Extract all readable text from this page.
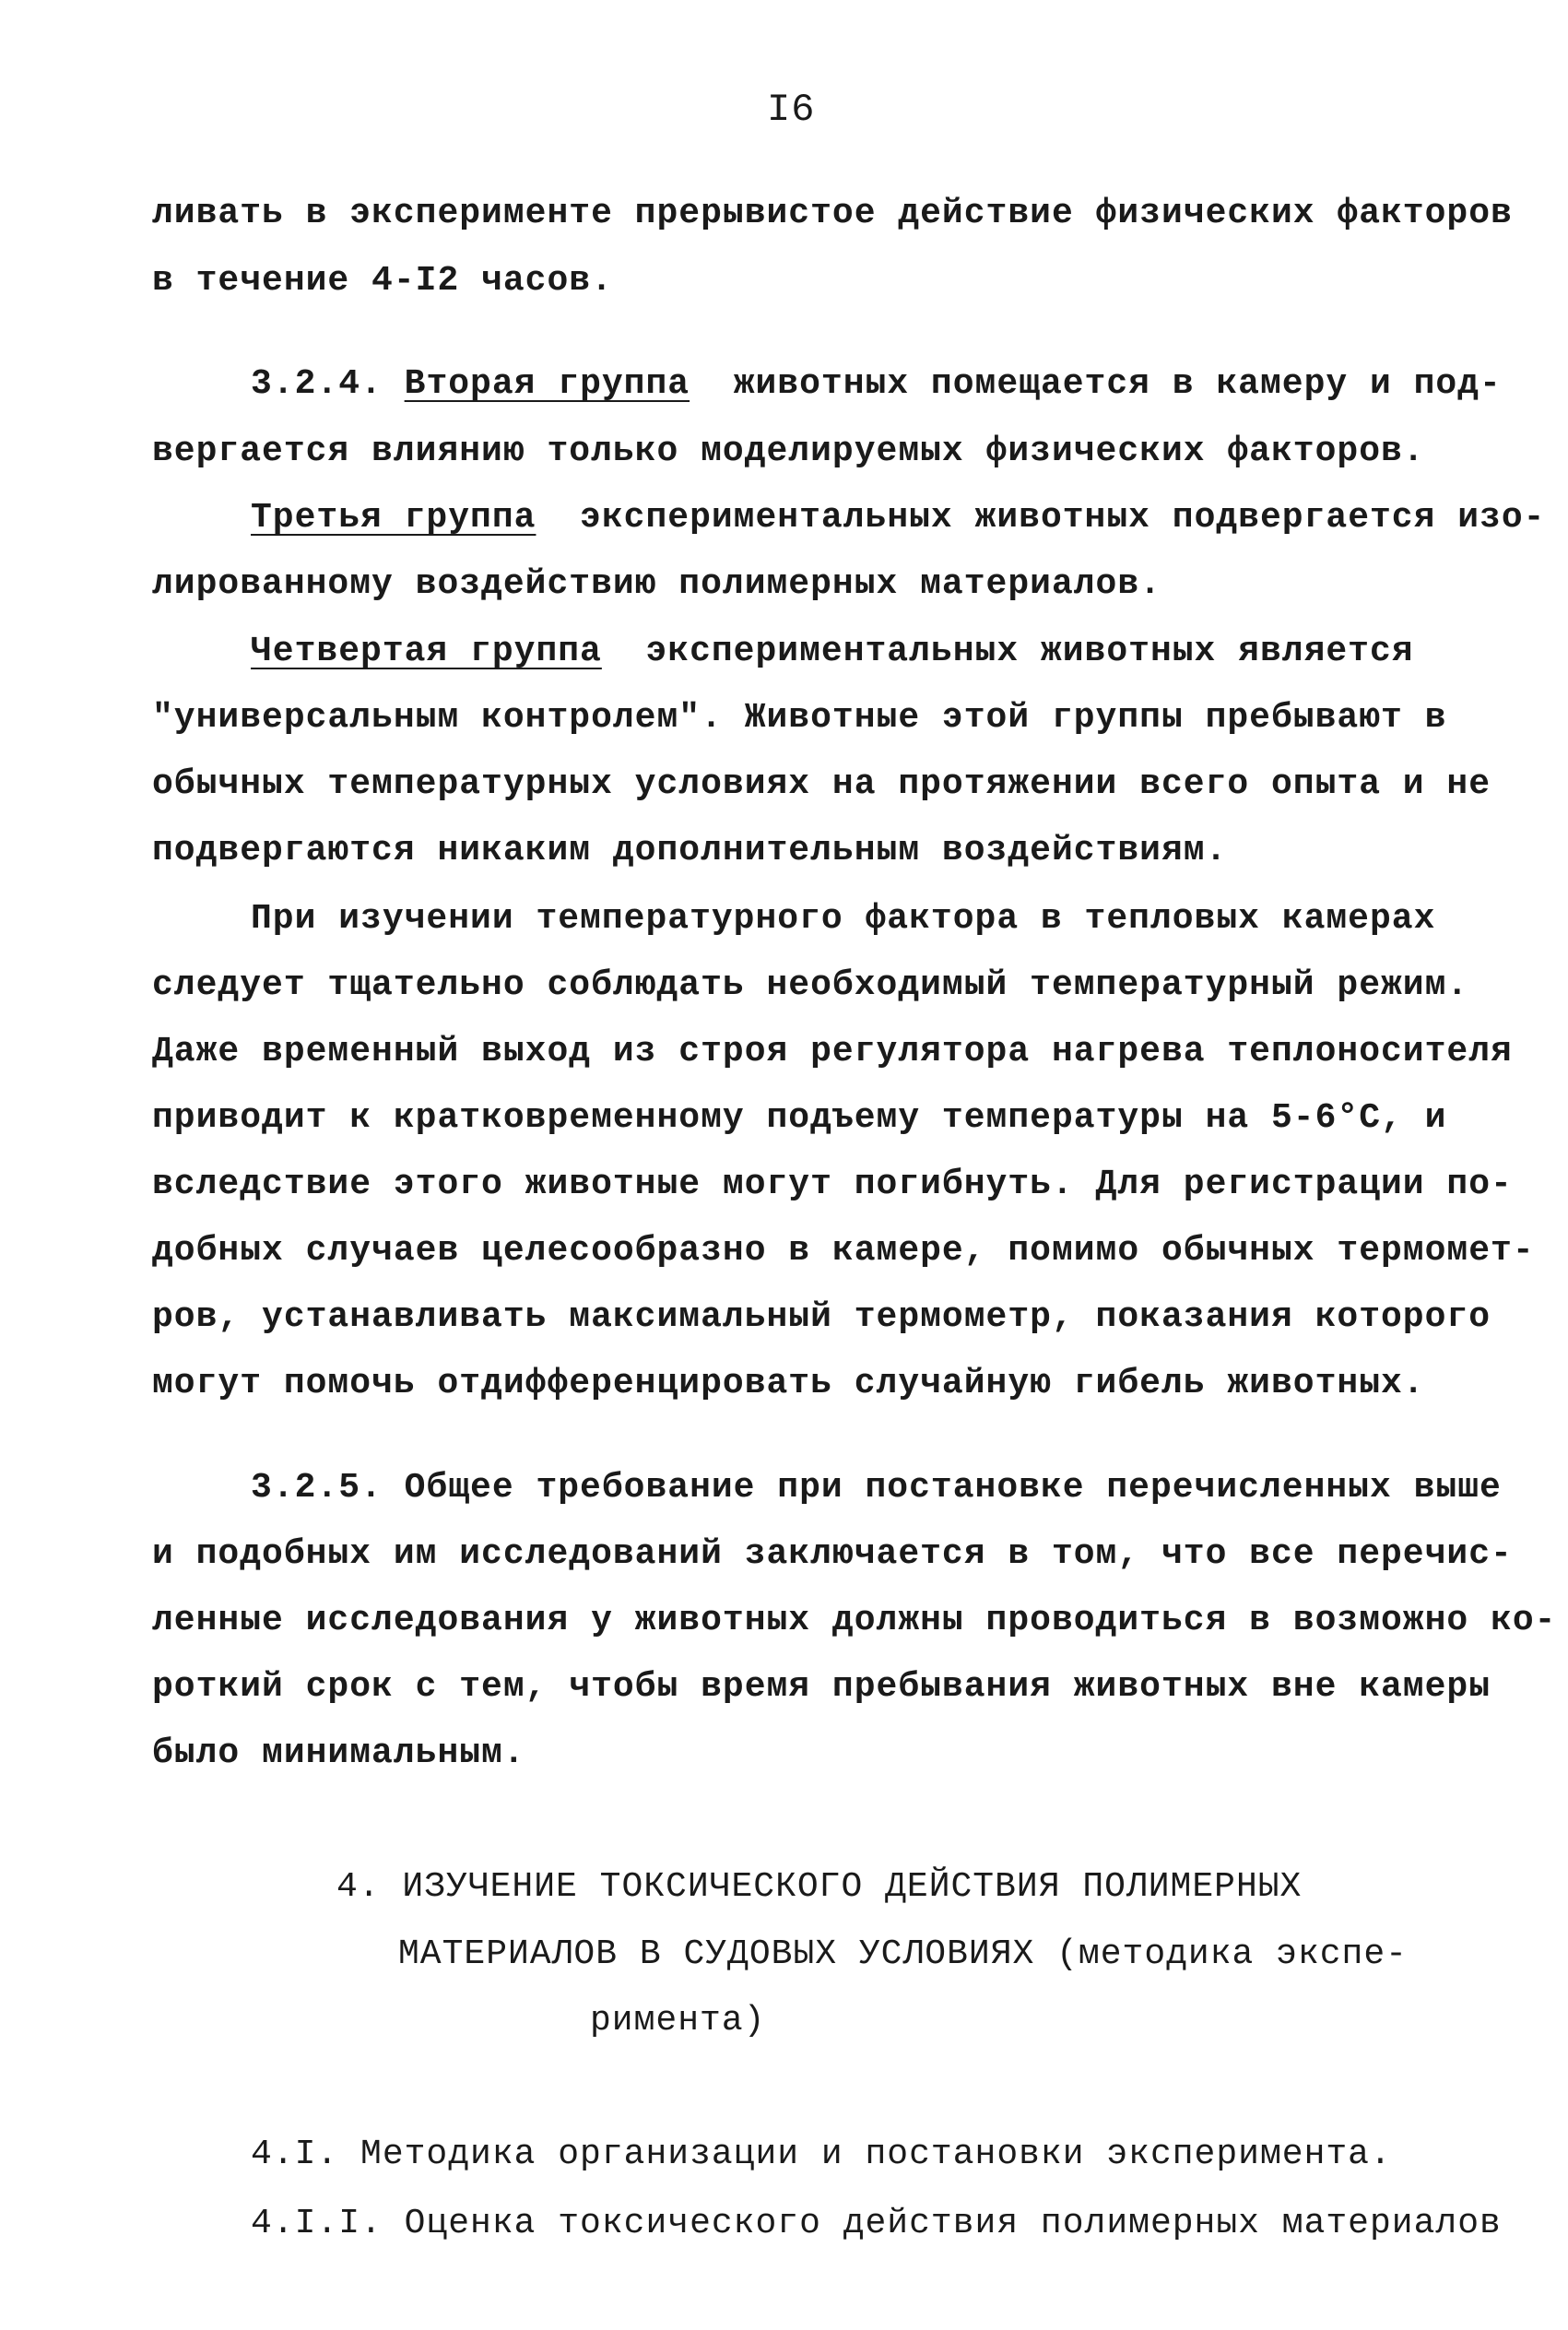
I6
ливать в эксперименте прерывистое действие физических факторов
в течение 4-I2 часов.
3.2.4. Вторая группа  животных помещается в камеру и под-
вергается влиянию только моделируемых физических факторов.
Третья группа  экспериментальных животных подвергается изо-
лированному воздействию полимерных материалов.
Четвертая группа  экспериментальных животных является
"универсальным контролем". Животные этой группы пребывают в
обычных температурных условиях на протяжении всего опыта и не
подвергаются никаким дополнительным воздействиям.
При изучении температурного фактора в тепловых камерах
следует тщательно соблюдать необходимый температурный режим.
Даже временный выход из строя регулятора нагрева теплоносителя
приводит к кратковременному подъему температуры на 5-6°С, и
вследствие этого животные могут погибнуть. Для регистрации по-
добных случаев целесообразно в камере, помимо обычных термомет-
ров, устанавливать максимальный термометр, показания которого
могут помочь отдифференцировать случайную гибель животных.
3.2.5. Общее требование при постановке перечисленных выше
и подобных им исследований заключается в том, что все перечис-
ленные исследования у животных должны проводиться в возможно ко-
роткий срок с тем, чтобы время пребывания животных вне камеры
было минимальным.
4. ИЗУЧЕНИЕ ТОКСИЧЕСКОГО ДЕЙСТВИЯ ПОЛИМЕРНЫХ
МАТЕРИАЛОВ В СУДОВЫХ УСЛОВИЯХ (методика экспе-
римента)
4.I. Методика организации и постановки эксперимента.
4.I.I. Оценка токсического действия полимерных материалов
